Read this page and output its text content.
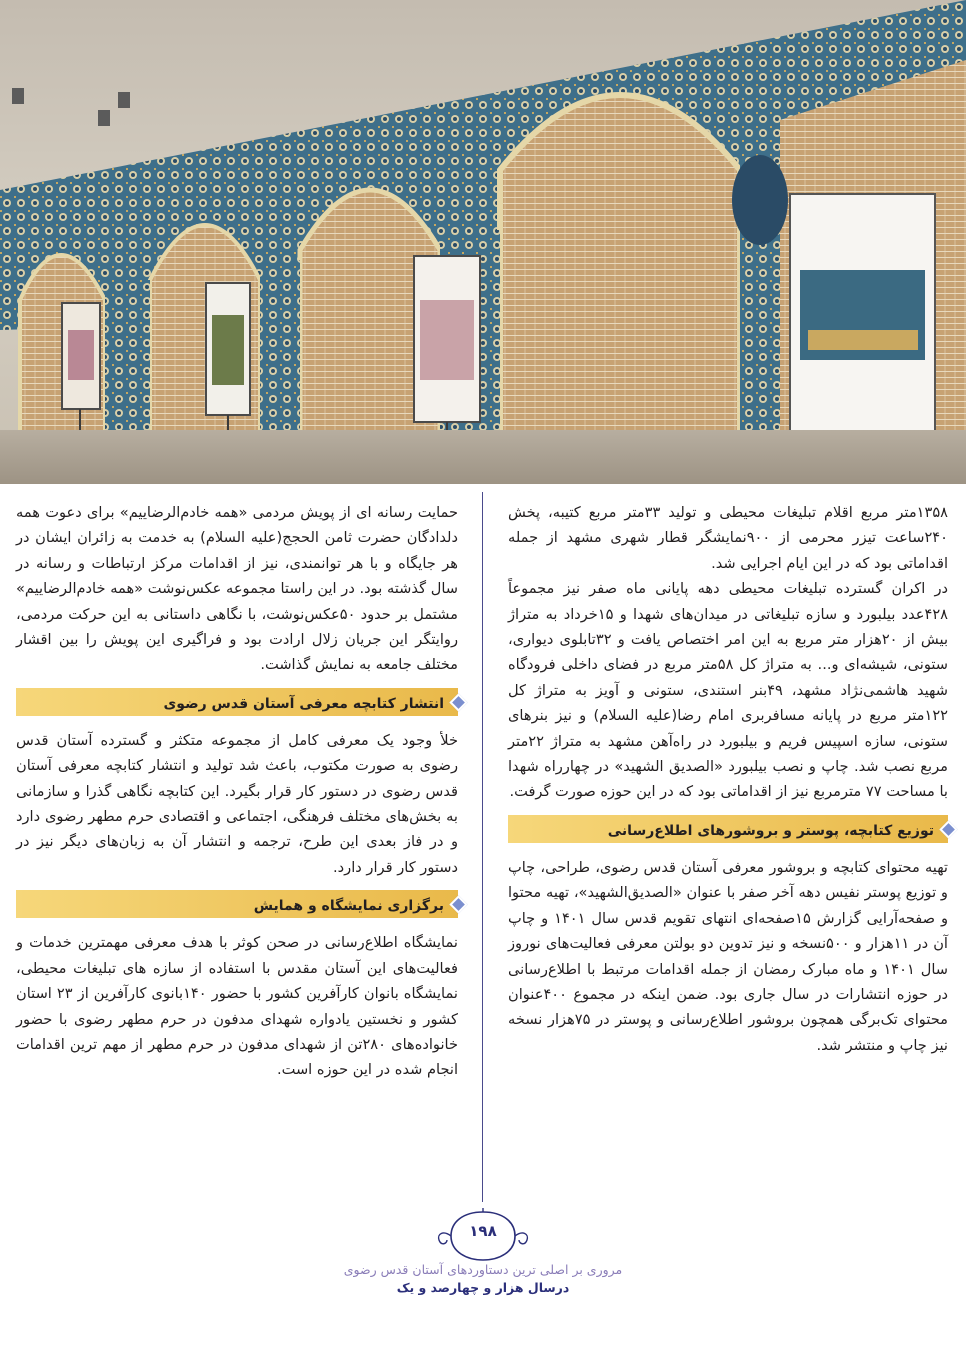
۱۳۵۸متر مربع اقلام تبلیغات محیطی و تولید ۳۳متر مربع کتیبه، پخش ۲۴۰ساعت تیزر محرمی از ۹۰۰نمایشگر قطار شهری مشهد از جمله اقداماتی بود که در این ایام اجرایی شد.

در اکران گسترده تبلیغات محیطی دهه پایانی ماه صفر نیز مجموعاً ۴۲۸عدد بیلبورد و سازه تبلیغاتی در میدان‌های شهدا و ۱۵خرداد به متراژ بیش از ۲۰هزار متر مربع به این امر اختصاص یافت و ۳۲تابلوی دیواری، ستونی، شیشه‌ای و... به متراژ کل ۵۸متر مربع در فضای داخلی فرودگاه شهید هاشمی‌نژاد مشهد، ۴۹بنر استندی، ستونی و آویز به متراژ کل ۱۲۲متر مربع در پایانه مسافربری امام رضا(علیه السلام) و نیز بنرهای ستونی، سازه اسپیس فریم و بیلبورد در راه‌آهن مشهد به متراژ ۲۲متر مربع نصب شد. چاپ و نصب بیلبورد «الصدیق الشهید» در چهارراه شهدا با مساحت ۷۷ مترمربع نیز از اقداماتی بود که در این حوزه صورت گرفت.

توزیع کتابچه، پوستر و بروشورهای اطلاع‌رسانی

تهیه محتوای کتابچه و بروشور معرفی آستان قدس رضوی، طراحی، چاپ و توزیع پوستر نفیس دهه آخر صفر با عنوان «الصدیق‌الشهید»، تهیه محتوا و صفحه‌آرایی گزارش ۱۵صفحه‌ای انتهای تقویم قدس سال ۱۴۰۱ و چاپ آن در ۱۱هزار و ۵۰۰نسخه و نیز تدوین دو بولتن معرفی فعالیت‌های نوروز سال ۱۴۰۱ و ماه مبارک رمضان از جمله اقدامات مرتبط با اطلاع‌رسانی در حوزه انتشارات در سال جاری بود. ضمن اینکه در مجموع ۴۰۰عنوان محتوای تک‌برگی همچون بروشور اطلاع‌رسانی و پوستر در ۷۵هزار نسخه نیز چاپ و منتشر شد.

حمایت رسانه ای از پویش مردمی «همه خادم‌الرضاییم» برای دعوت همه دلدادگان حضرت ثامن الحجج(علیه السلام) به خدمت به زائران ایشان در هر جایگاه و با هر توانمندی، نیز از اقدامات مرکز ارتباطات و رسانه در سال گذشته بود. در این راستا مجموعه عکس‌نوشت «همه خادم‌الرضاییم» مشتمل بر حدود ۵۰عکس‌نوشت، با نگاهی داستانی به این حرکت مردمی، روایتگر این جریان زلال ارادت بود و فراگیری این پویش را بین اقشار مختلف جامعه به نمایش گذاشت.

انتشار کتابچه معرفی آستان قدس رضوی

خلأ وجود یک معرفی کامل از مجموعه متکثر و گسترده آستان قدس رضوی به صورت مکتوب، باعث شد تولید و انتشار کتابچه معرفی آستان قدس رضوی در دستور کار قرار بگیرد. این کتابچه نگاهی گذرا و سازمانی به بخش‌های مختلف فرهنگی، اجتماعی و اقتصادی حرم مطهر رضوی دارد و در فاز بعدی این طرح، ترجمه و انتشار آن به زبان‌های دیگر نیز در دستور کار قرار دارد.

برگزاری نمایشگاه و همایش

نمایشگاه اطلاع‌رسانی در صحن کوثر با هدف معرفی مهمترین خدمات و فعالیت‌های این آستان مقدس با استفاده از سازه های تبلیغات محیطی، نمایشگاه بانوان کارآفرین کشور با حضور ۱۴۰بانوی کارآفرین از ۲۳ استان کشور و نخستین یادواره شهدای مدفون در حرم مطهر رضوی با حضور خانواده‌های ۲۸۰تن از شهدای مدفون در حرم مطهر از مهم ترین اقدامات انجام شده در این حوزه است.

۱۹۸
مروری بر اصلی ترین دستاوردهای آستان قدس رضوی
درسال هزار و چهارصد و یک
